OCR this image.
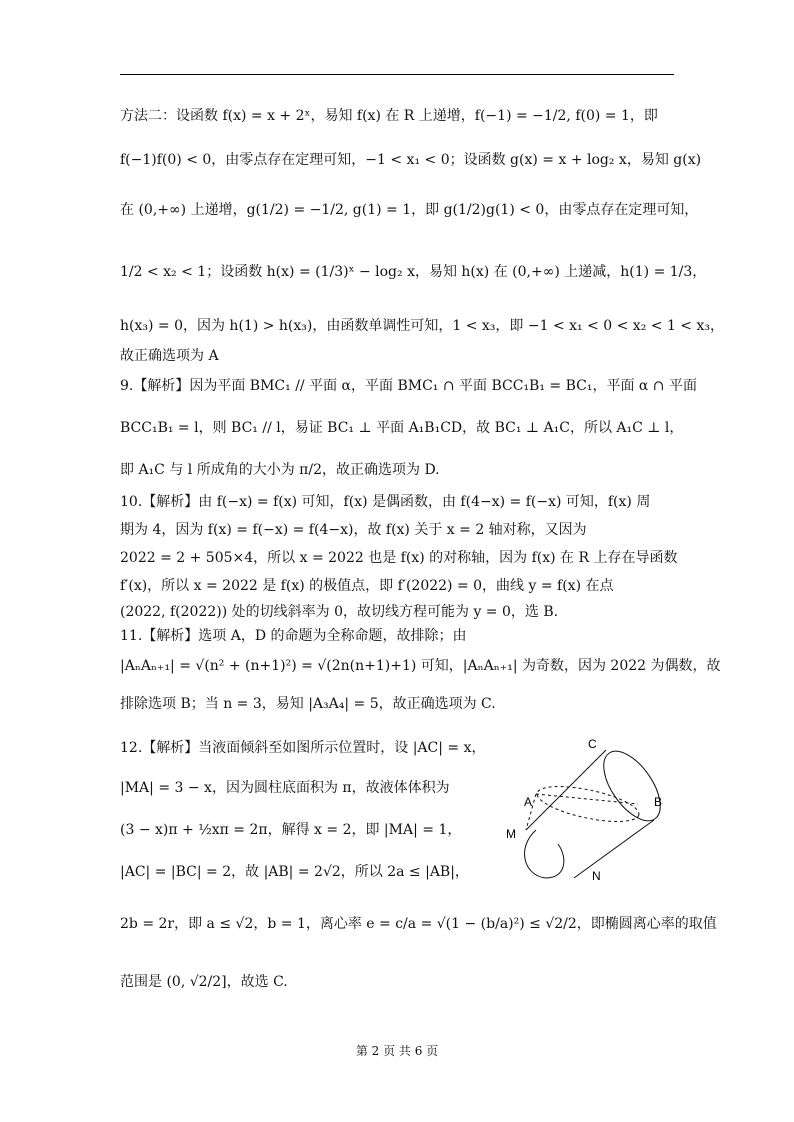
方法二：设函数 f(x) = x + 2ˣ，易知 f(x) 在 R 上递增，f(−1) = −1/2, f(0) = 1，即
f(−1)f(0) < 0，由零点存在定理可知，−1 < x₁ < 0；设函数 g(x) = x + log₂ x，易知 g(x)
在 (0,+∞) 上递增，g(1/2) = −1/2, g(1) = 1，即 g(1/2)g(1) < 0，由零点存在定理可知，
1/2 < x₂ < 1；设函数 h(x) = (1/3)ˣ − log₂ x，易知 h(x) 在 (0,+∞) 上递减，h(1) = 1/3，
h(x₃) = 0，因为 h(1) > h(x₃)，由函数单调性可知，1 < x₃，即 −1 < x₁ < 0 < x₂ < 1 < x₃，
故正确选项为 A
9.【解析】因为平面 BMC₁ // 平面 α，平面 BMC₁ ∩ 平面 BCC₁B₁ = BC₁，平面 α ∩ 平面
BCC₁B₁ = l，则 BC₁ // l，易证 BC₁ ⊥ 平面 A₁B₁CD，故 BC₁ ⊥ A₁C，所以 A₁C ⊥ l，
即 A₁C 与 l 所成角的大小为 π/2，故正确选项为 D.
10.【解析】由 f(−x) = f(x) 可知，f(x) 是偶函数，由 f(4−x) = f(−x) 可知，f(x) 周
期为 4，因为 f(x) = f(−x) = f(4−x)，故 f(x) 关于 x = 2 轴对称，又因为
2022 = 2 + 505×4，所以 x = 2022 也是 f(x) 的对称轴，因为 f(x) 在 R 上存在导函数
f′(x)，所以 x = 2022 是 f(x) 的极值点，即 f′(2022) = 0，曲线 y = f(x) 在点
(2022, f(2022)) 处的切线斜率为 0，故切线方程可能为 y = 0，选 B.
11.【解析】选项 A，D 的命题为全称命题，故排除；由
|AₙAₙ₊₁| = √(n² + (n+1)²) = √(2n(n+1)+1) 可知，|AₙAₙ₊₁| 为奇数，因为 2022 为偶数，故
排除选项 B；当 n = 3，易知 |A₃A₄| = 5，故正确选项为 C.
12.【解析】当液面倾斜至如图所示位置时，设 |AC| = x，
|MA| = 3 − x，因为圆柱底面积为 π，故液体体积为
(3 − x)π + ½xπ = 2π，解得 x = 2，即 |MA| = 1，
|AC| = |BC| = 2，故 |AB| = 2√2，所以 2a ≤ |AB|，
2b = 2r，即 a ≤ √2，b = 1，离心率 e = c/a = √(1 − (b/a)²) ≤ √2/2，即椭圆离心率的取值
范围是 (0, √2/2]，故选 C.
C
A	B
M
N
第 2 页 共 6 页
